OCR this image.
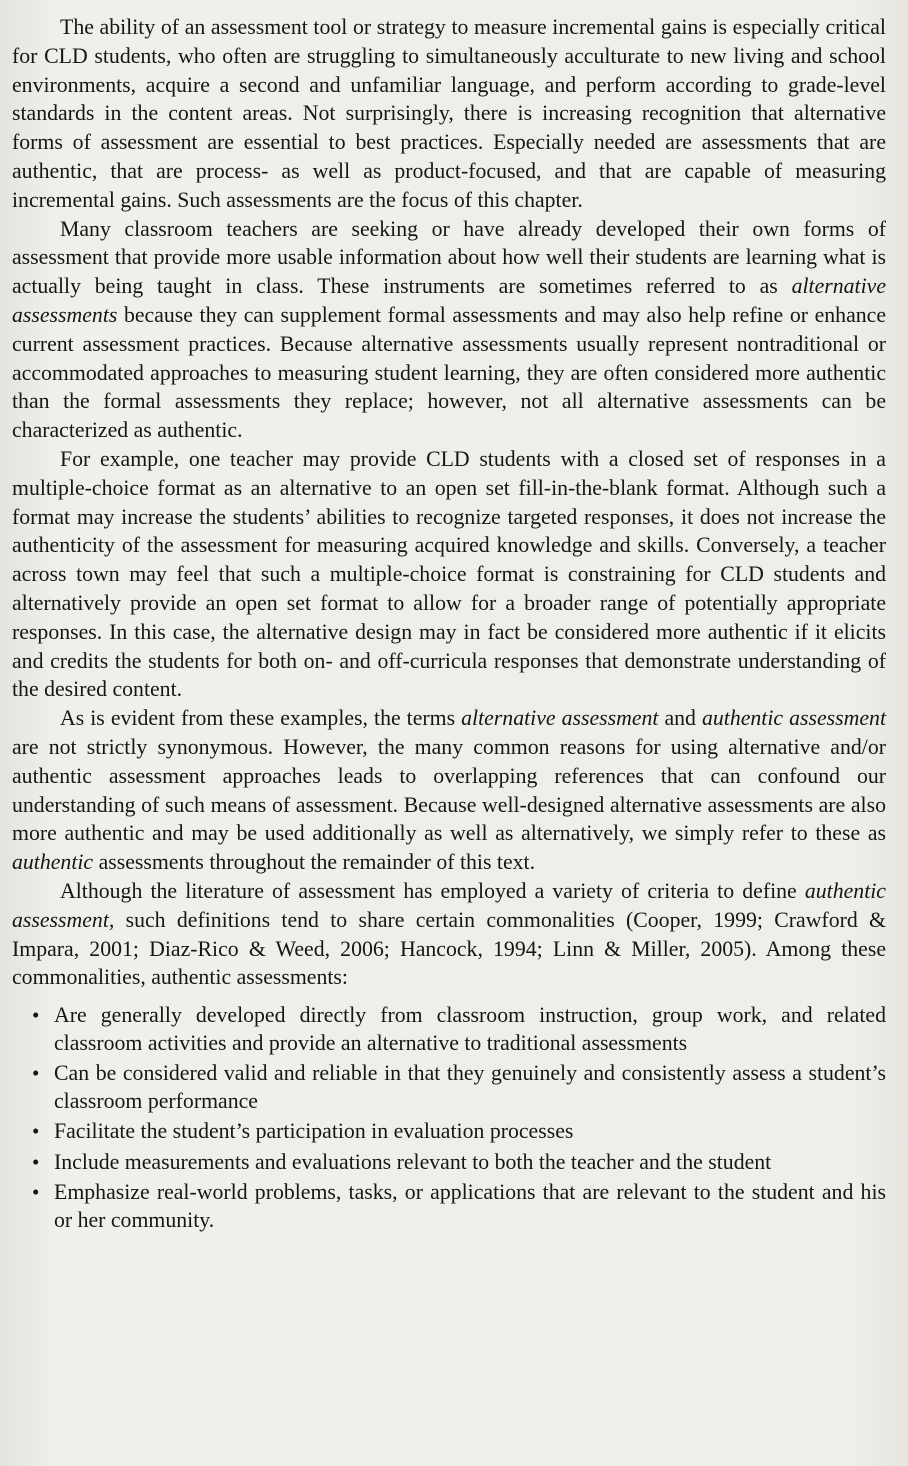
The ability of an assessment tool or strategy to measure incremental gains is especially critical for CLD students, who often are struggling to simultaneously acculturate to new living and school environments, acquire a second and unfamiliar language, and perform according to grade-level standards in the content areas. Not surprisingly, there is increasing recognition that alternative forms of assessment are essential to best practices. Especially needed are assessments that are authentic, that are process- as well as product-focused, and that are capable of measuring incremental gains. Such assessments are the focus of this chapter.

Many classroom teachers are seeking or have already developed their own forms of assessment that provide more usable information about how well their students are learning what is actually being taught in class. These instruments are sometimes referred to as alternative assessments because they can supplement formal assessments and may also help refine or enhance current assessment practices. Because alternative assessments usually represent nontraditional or accommodated approaches to measuring student learning, they are often considered more authentic than the formal assessments they replace; however, not all alternative assessments can be characterized as authentic.

For example, one teacher may provide CLD students with a closed set of responses in a multiple-choice format as an alternative to an open set fill-in-the-blank format. Although such a format may increase the students’ abilities to recognize targeted responses, it does not increase the authenticity of the assessment for measuring acquired knowledge and skills. Conversely, a teacher across town may feel that such a multiple-choice format is constraining for CLD students and alternatively provide an open set format to allow for a broader range of potentially appropriate responses. In this case, the alternative design may in fact be considered more authentic if it elicits and credits the students for both on- and off-curricula responses that demonstrate understanding of the desired content.

As is evident from these examples, the terms alternative assessment and authentic assessment are not strictly synonymous. However, the many common reasons for using alternative and/or authentic assessment approaches leads to overlapping references that can confound our understanding of such means of assessment. Because well-designed alternative assessments are also more authentic and may be used additionally as well as alternatively, we simply refer to these as authentic assessments throughout the remainder of this text.

Although the literature of assessment has employed a variety of criteria to define authentic assessment, such definitions tend to share certain commonalities (Cooper, 1999; Crawford & Impara, 2001; Diaz-Rico & Weed, 2006; Hancock, 1994; Linn & Miller, 2005). Among these commonalities, authentic assessments:

• Are generally developed directly from classroom instruction, group work, and related classroom activities and provide an alternative to traditional assessments
• Can be considered valid and reliable in that they genuinely and consistently assess a student’s classroom performance
• Facilitate the student’s participation in evaluation processes
• Include measurements and evaluations relevant to both the teacher and the student
• Emphasize real-world problems, tasks, or applications that are relevant to the student and his or her community.
